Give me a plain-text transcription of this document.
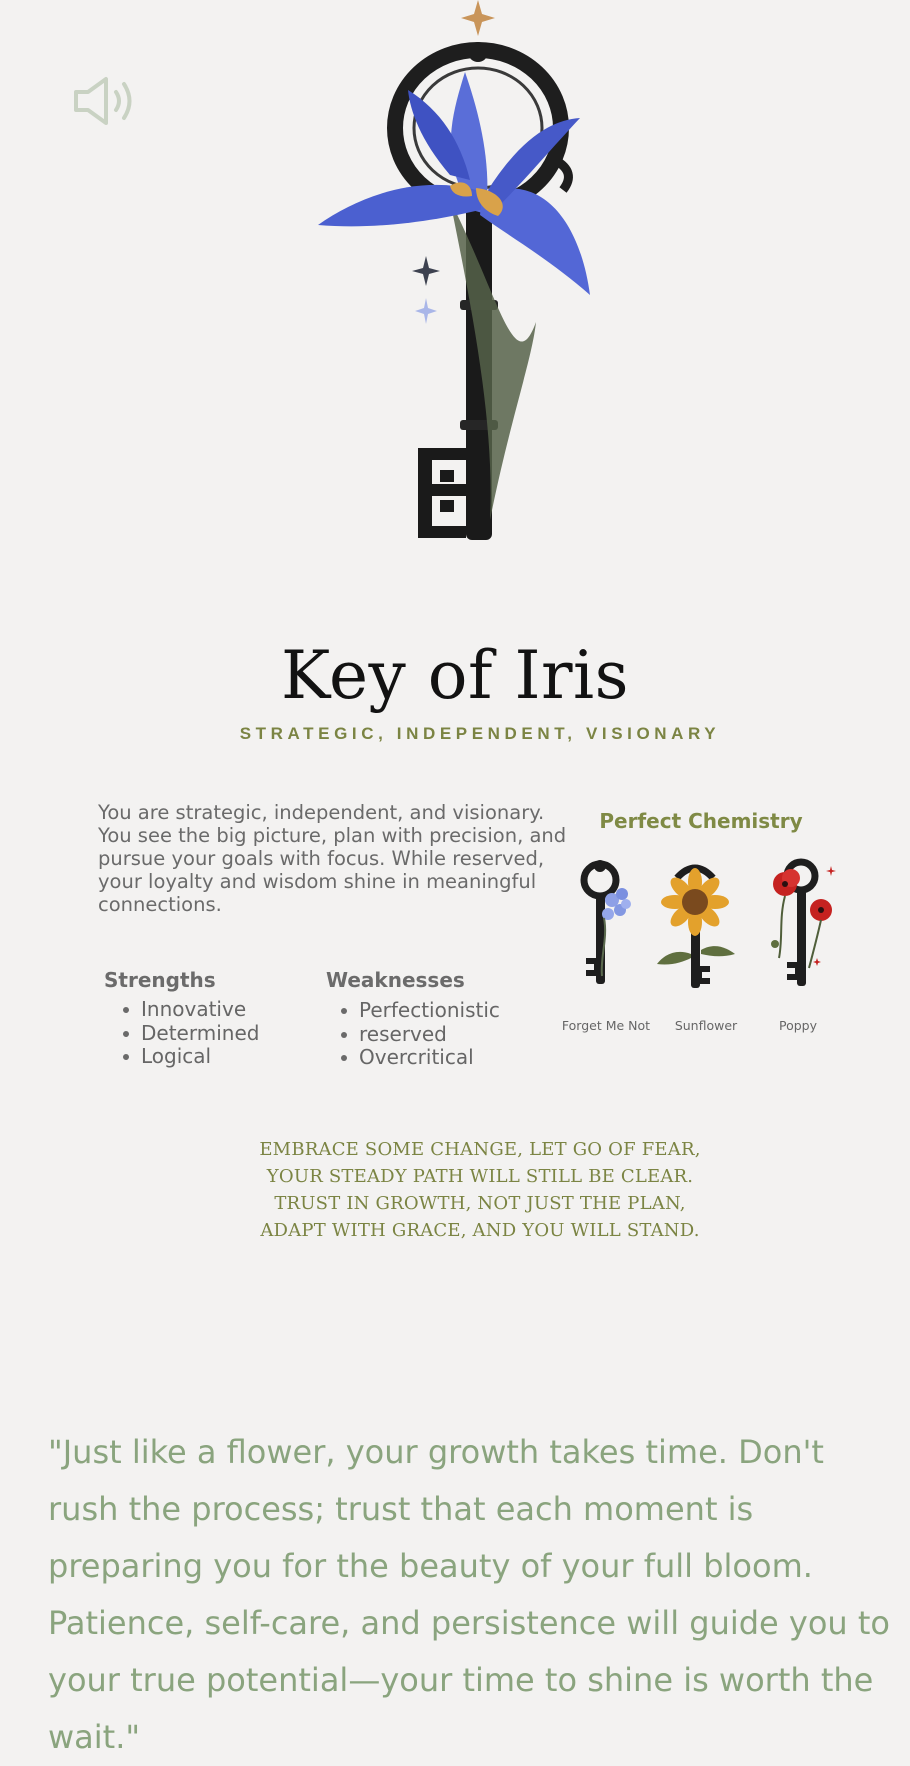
Key of Iris
STRATEGIC, INDEPENDENT, VISIONARY
You are strategic, independent, and visionary. You see the big picture, plan with precision, and pursue your goals with focus. While reserved, your loyalty and wisdom shine in meaningful connections.
Strengths
Innovative
Determined
Logical
Weaknesses
Perfectionistic
reserved
Overcritical
Perfect Chemistry
Forget Me Not	Sunflower	Poppy
EMBRACE SOME CHANGE, LET GO OF FEAR,
YOUR STEADY PATH WILL STILL BE CLEAR.
TRUST IN GROWTH, NOT JUST THE PLAN,
ADAPT WITH GRACE, AND YOU WILL STAND.
"Just like a flower, your growth takes time. Don't rush the process; trust that each moment is preparing you for the beauty of your full bloom. Patience, self-care, and persistence will guide you to your true potential—your time to shine is worth the wait."
